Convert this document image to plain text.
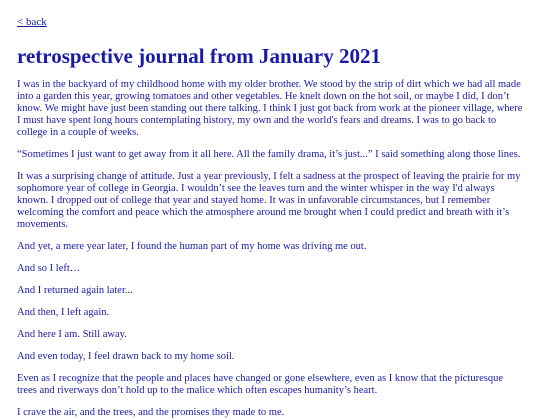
< back
retrospective journal from January 2021

I was in the backyard of my childhood home with my older brother. We stood by the strip of dirt which we had all made into a garden this year, growing tomatoes and other vegetables. He knelt down on the hot soil, or maybe I did, I don’t know. We might have just been standing out there talking. I think I just got back from work at the pioneer village, where I must have spent long hours contemplating history, my own and the world's fears and dreams. I was to go back to college in a couple of weeks.

“Sometimes I just want to get away from it all here. All the family drama, it’s just...” I said something along those lines.

It was a surprising change of attitude. Just a year previously, I felt a sadness at the prospect of leaving the prairie for my sophomore year of college in Georgia. I wouldn’t see the leaves turn and the winter whisper in the way I'd always known. I dropped out of college that year and stayed home. It was in unfavorable circumstances, but I remember welcoming the comfort and peace which the atmosphere around me brought when I could predict and breath with it’s movements.

And yet, a mere year later, I found the human part of my home was driving me out.

And so I left…

And I returned again later...

And then, I left again.

And here I am. Still away.

And even today, I feel drawn back to my home soil.

Even as I recognize that the people and places have changed or gone elsewhere, even as I know that the picturesque trees and riverways don’t hold up to the malice which often escapes humanity’s heart.

I crave the air, and the trees, and the promises they made to me.
